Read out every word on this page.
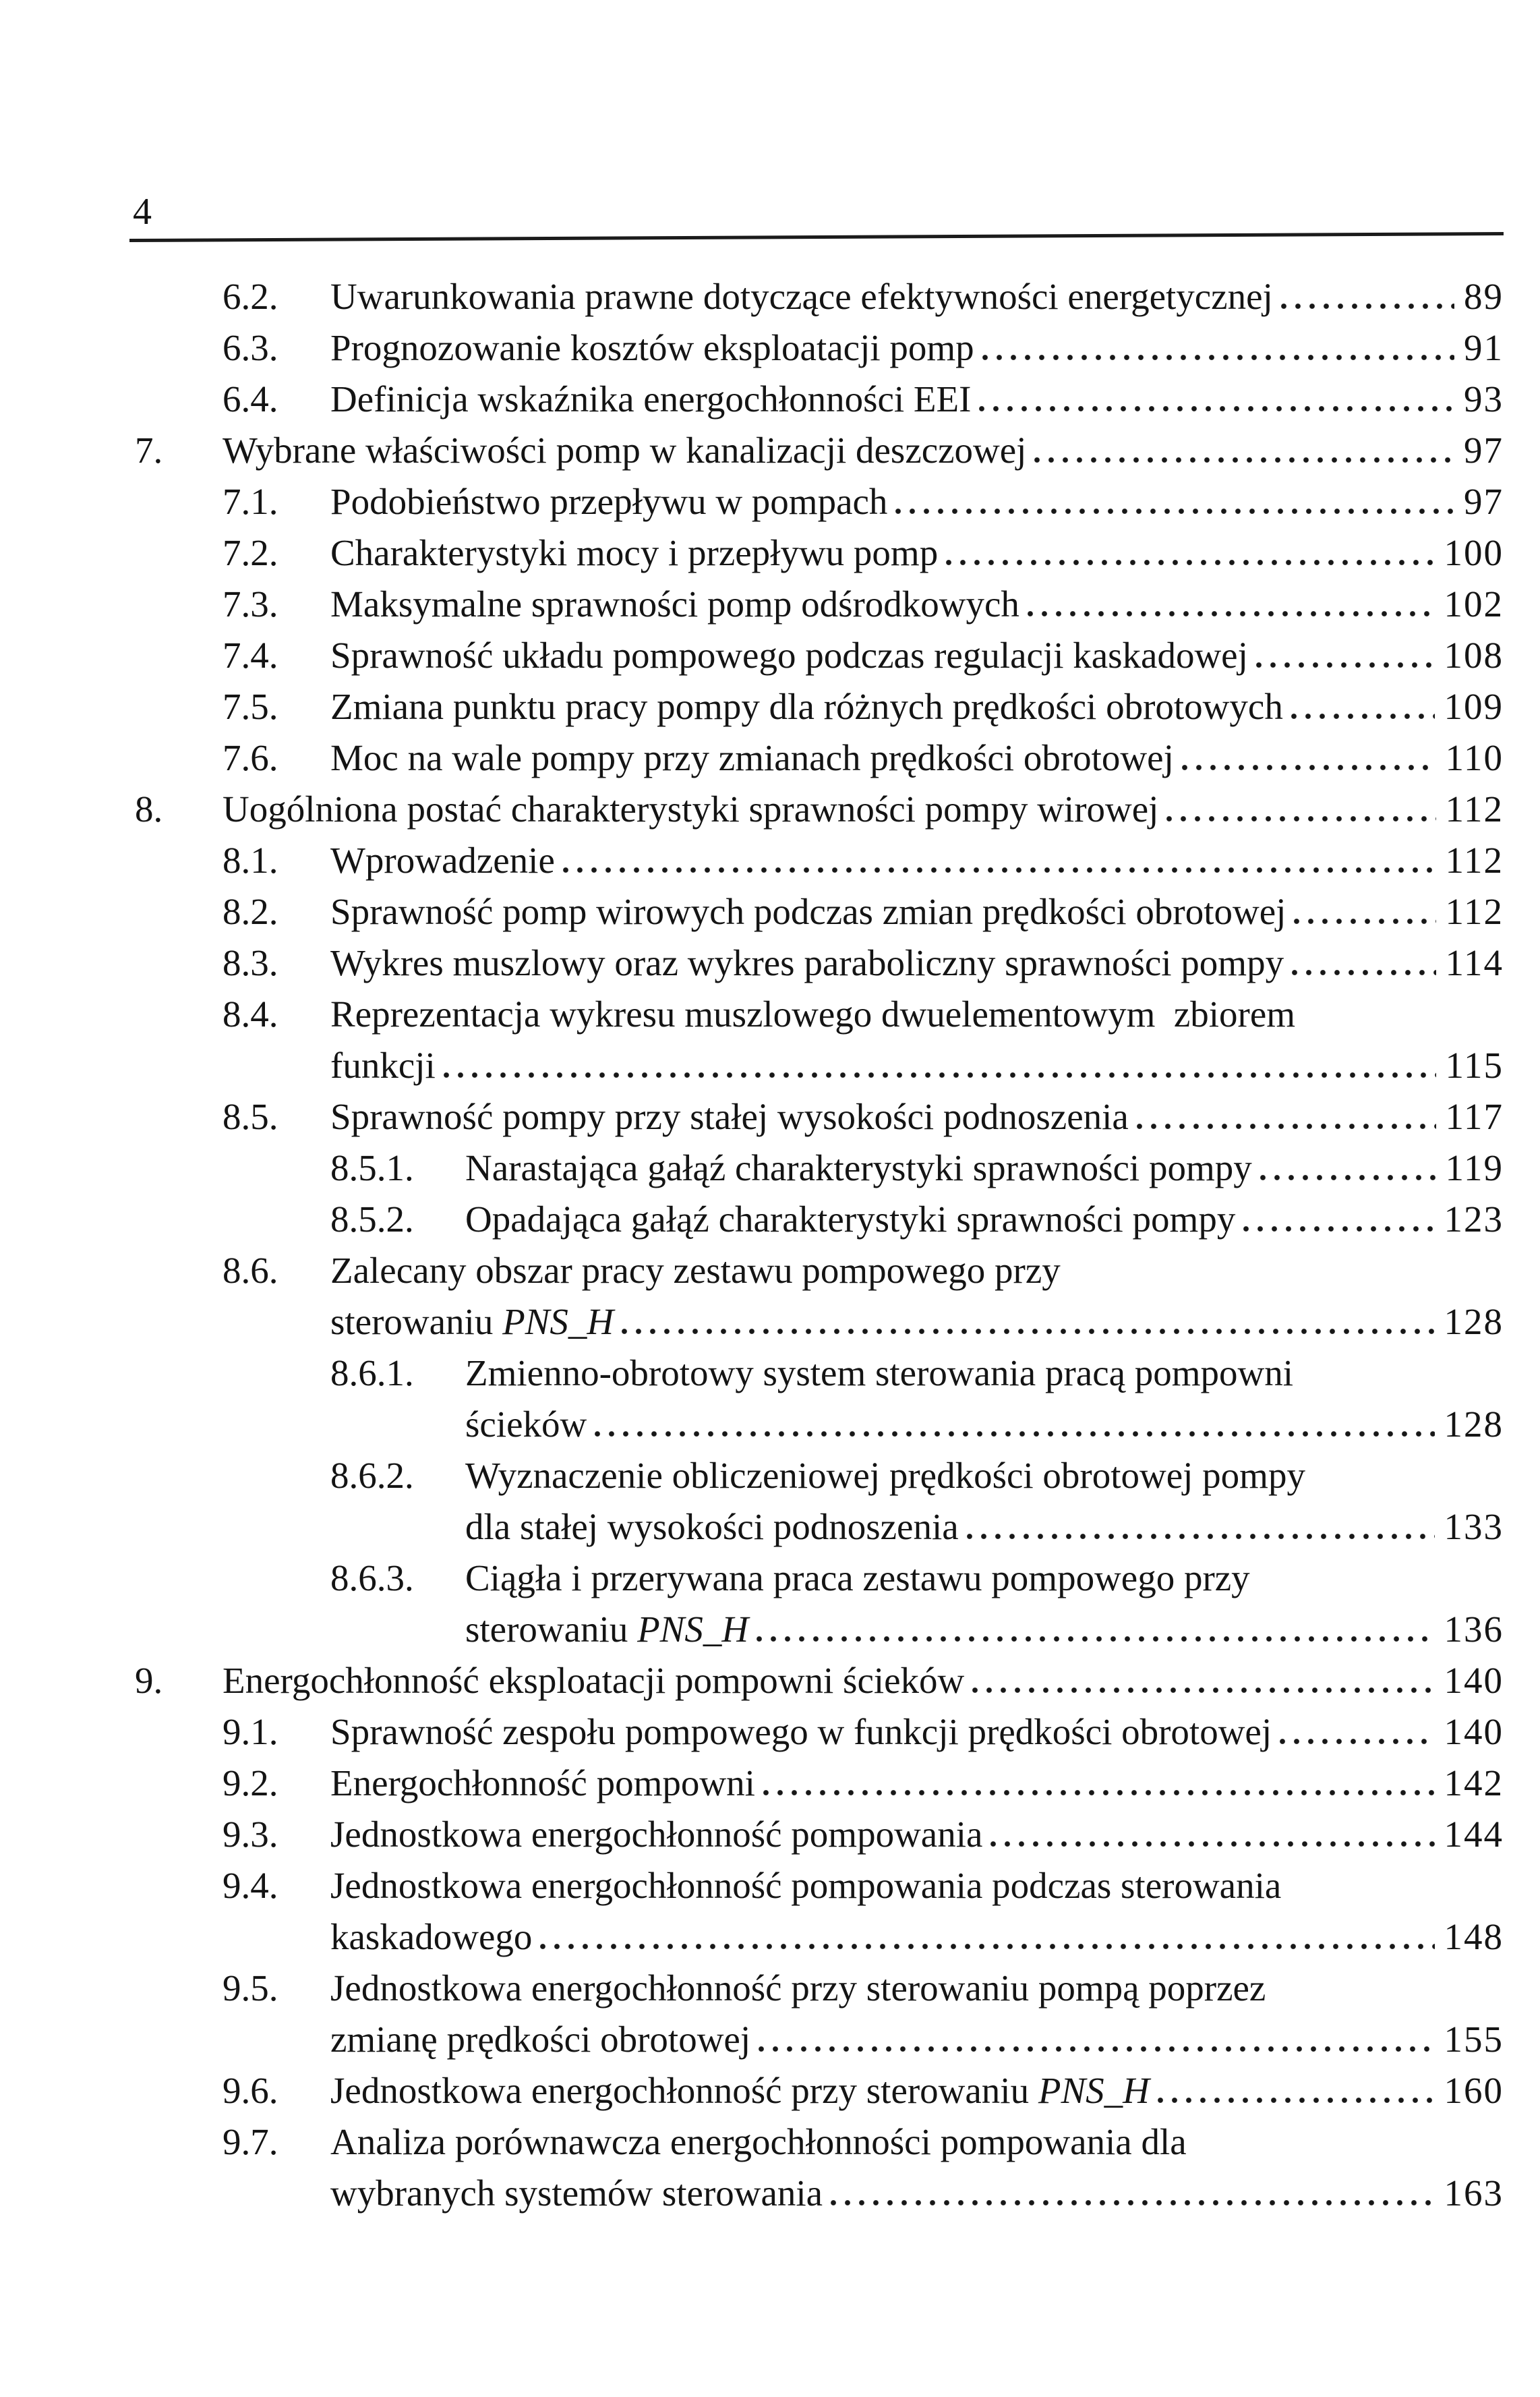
4
6.2.	Uwarunkowania prawne dotyczące efektywności energetycznej	89
6.3.	Prognozowanie kosztów eksploatacji pomp	91
6.4.	Definicja wskaźnika energochłonności EEI	93
7.	Wybrane właściwości pomp w kanalizacji deszczowej	97
7.1.	Podobieństwo przepływu w pompach	97
7.2.	Charakterystyki mocy i przepływu pomp	100
7.3.	Maksymalne sprawności pomp odśrodkowych	102
7.4.	Sprawność układu pompowego podczas regulacji kaskadowej	108
7.5.	Zmiana punktu pracy pompy dla różnych prędkości obrotowych	109
7.6.	Moc na wale pompy przy zmianach prędkości obrotowej	110
8.	Uogólniona postać charakterystyki sprawności pompy wirowej	112
8.1.	Wprowadzenie	112
8.2.	Sprawność pomp wirowych podczas zmian prędkości obrotowej	112
8.3.	Wykres muszlowy oraz wykres paraboliczny sprawności pompy	114
8.4.	Reprezentacja wykresu muszlowego dwuelementowym  zbiorem
funkcji	115
8.5.	Sprawność pompy przy stałej wysokości podnoszenia	117
8.5.1.	Narastająca gałąź charakterystyki sprawności pompy	119
8.5.2.	Opadająca gałąź charakterystyki sprawności pompy	123
8.6.	Zalecany obszar pracy zestawu pompowego przy
sterowaniu PNS_H	128
8.6.1.	Zmienno-obrotowy system sterowania pracą pompowni
ścieków	128
8.6.2.	Wyznaczenie obliczeniowej prędkości obrotowej pompy
dla stałej wysokości podnoszenia	133
8.6.3.	Ciągła i przerywana praca zestawu pompowego przy
sterowaniu PNS_H	136
9.	Energochłonność eksploatacji pompowni ścieków	140
9.1.	Sprawność zespołu pompowego w funkcji prędkości obrotowej	140
9.2.	Energochłonność pompowni	142
9.3.	Jednostkowa energochłonność pompowania	144
9.4.	Jednostkowa energochłonność pompowania podczas sterowania
kaskadowego	148
9.5.	Jednostkowa energochłonność przy sterowaniu pompą poprzez
zmianę prędkości obrotowej	155
9.6.	Jednostkowa energochłonność przy sterowaniu PNS_H	160
9.7.	Analiza porównawcza energochłonności pompowania dla
wybranych systemów sterowania	163
